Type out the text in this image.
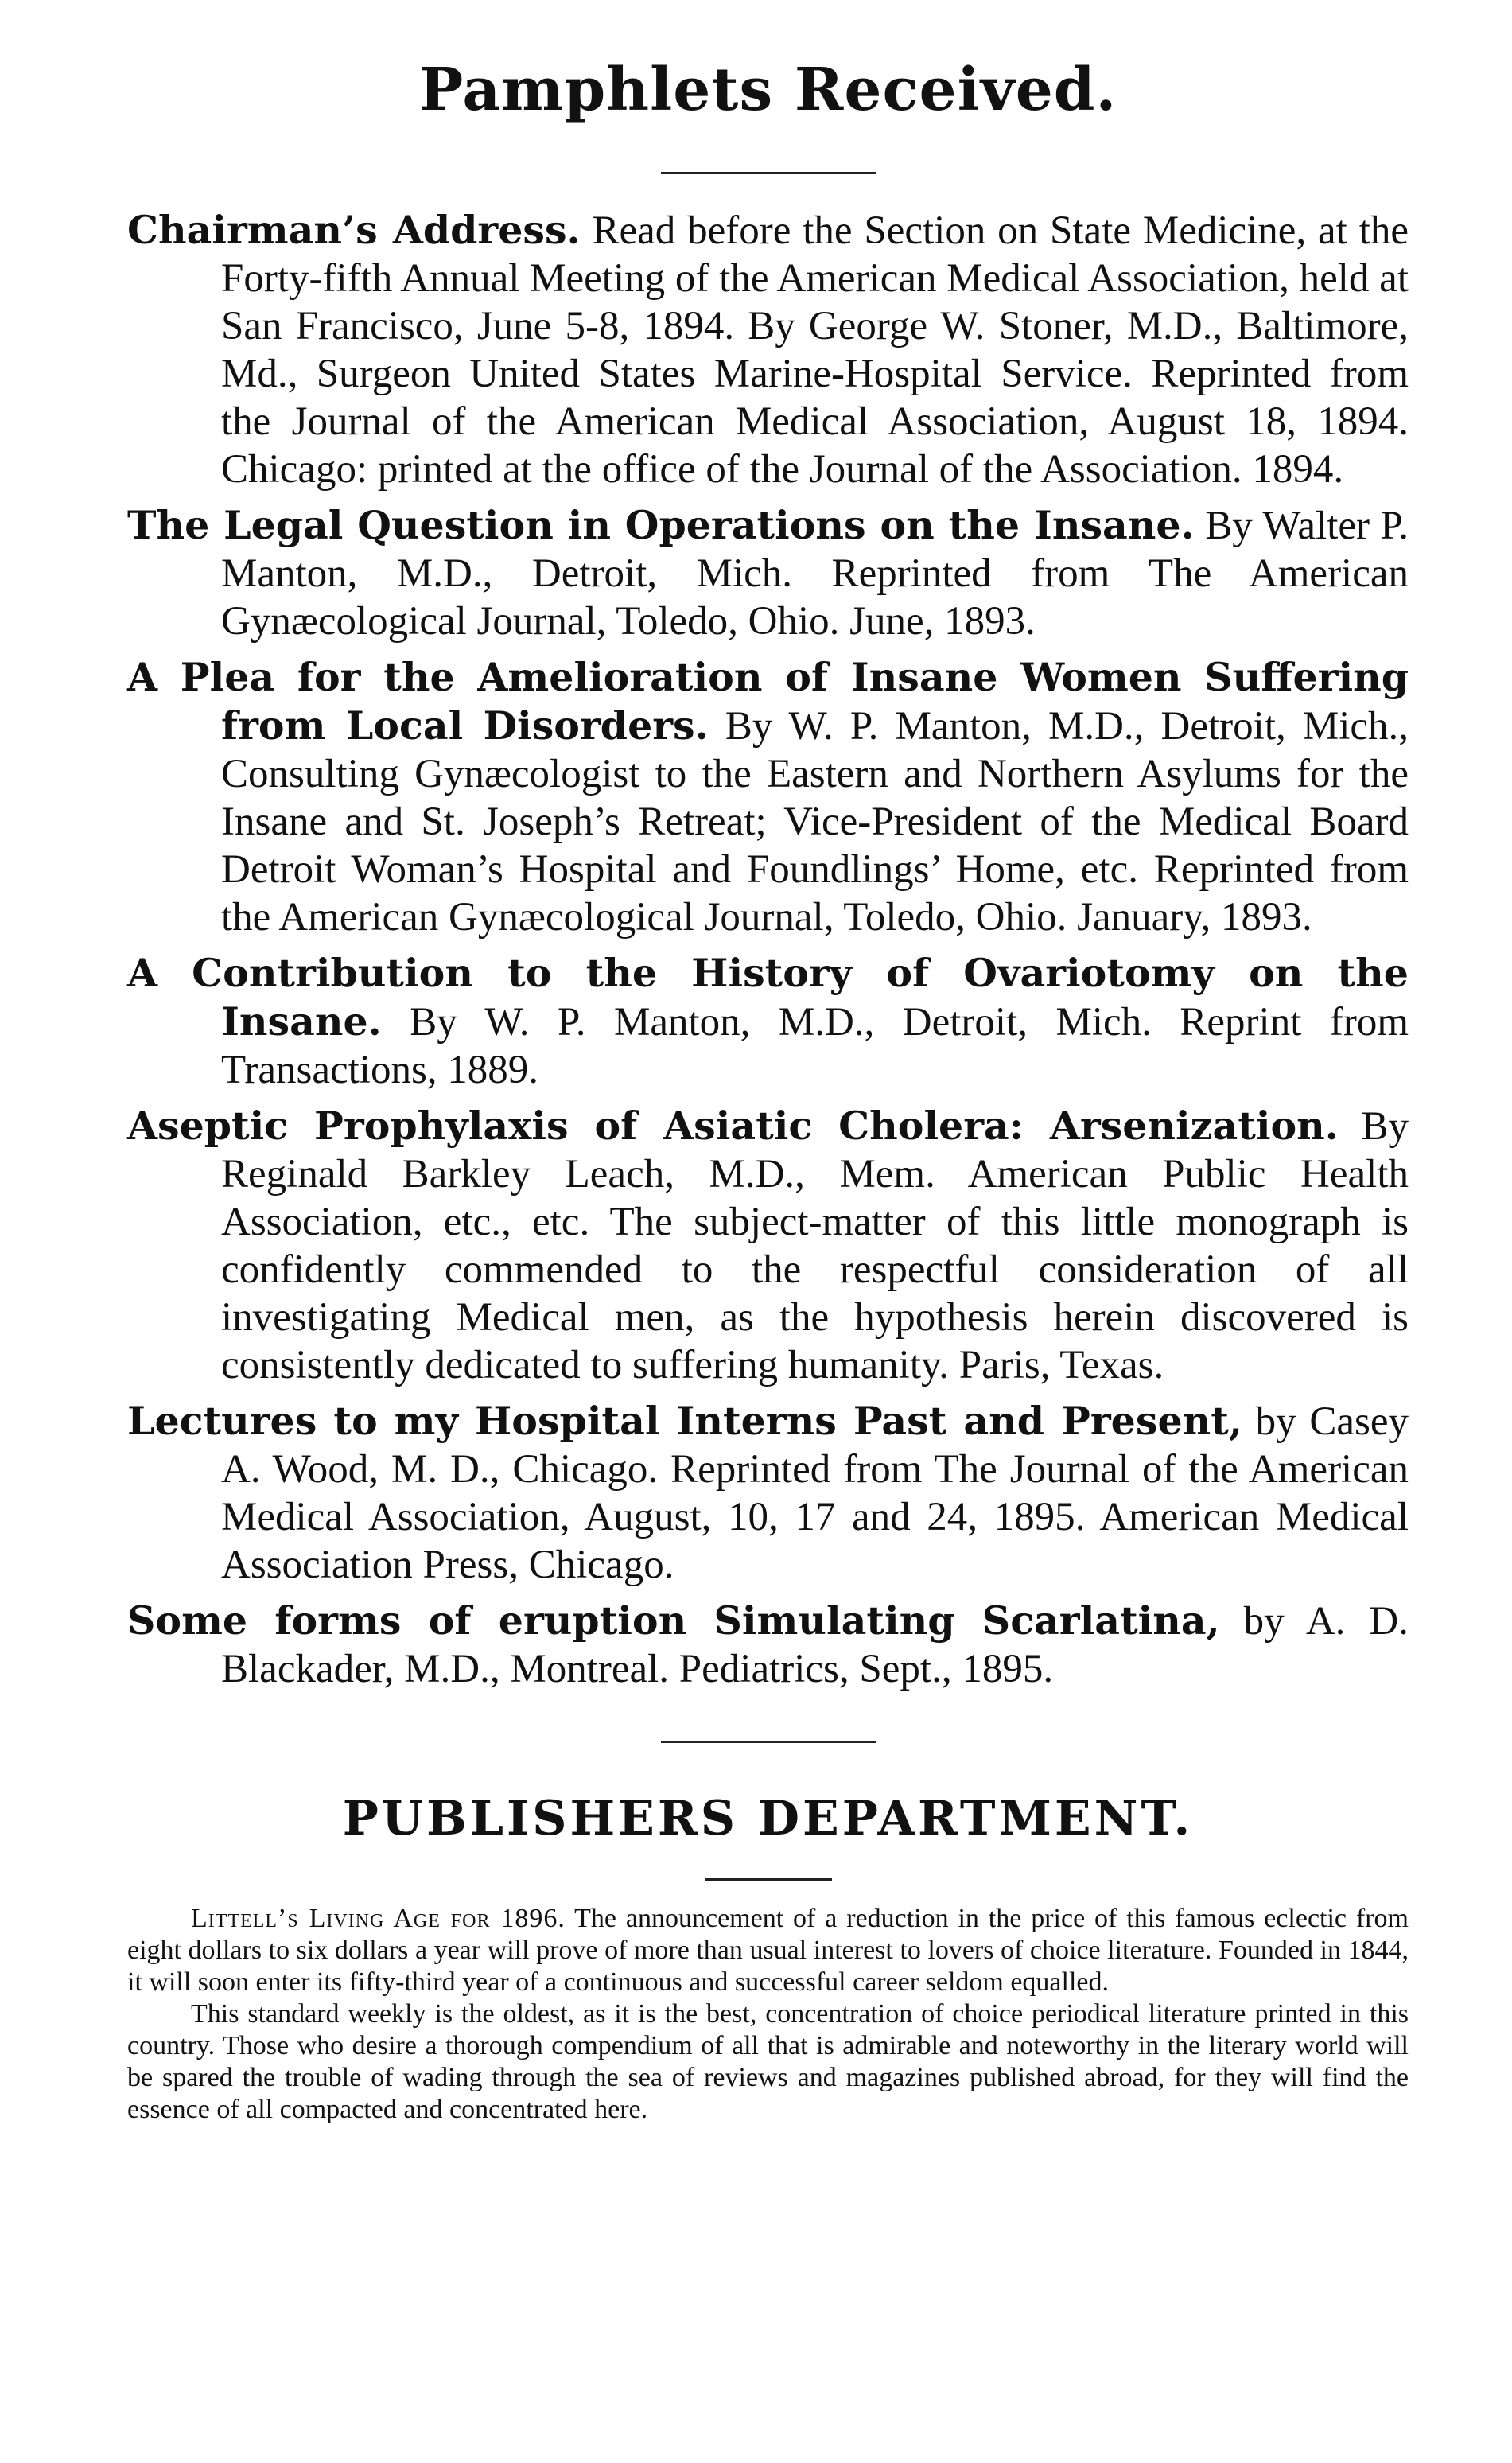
Pamphlets Received.

Chairman’s Address. Read before the Section on State Medicine, at the Forty-fifth Annual Meeting of the American Medical Association, held at San Francisco, June 5-8, 1894. By George W. Stoner, M.D., Baltimore, Md., Surgeon United States Marine-Hospital Service. Reprinted from the Journal of the American Medical Association, August 18, 1894. Chicago: printed at the office of the Journal of the Association. 1894.

The Legal Question in Operations on the Insane. By Walter P. Manton, M.D., Detroit, Mich. Reprinted from The American Gynæcological Journal, Toledo, Ohio. June, 1893.

A Plea for the Amelioration of Insane Women Suffering from Local Disorders. By W. P. Manton, M.D., Detroit, Mich., Consulting Gynæcologist to the Eastern and Northern Asylums for the Insane and St. Joseph’s Retreat; Vice-President of the Medical Board Detroit Woman’s Hospital and Foundlings’ Home, etc. Reprinted from the American Gynæcological Journal, Toledo, Ohio. January, 1893.

A Contribution to the History of Ovariotomy on the Insane. By W. P. Manton, M.D., Detroit, Mich. Reprint from Transactions, 1889.

Aseptic Prophylaxis of Asiatic Cholera: Arsenization. By Reginald Barkley Leach, M.D., Mem. American Public Health Association, etc., etc. The subject-matter of this little monograph is confidently commended to the respectful consideration of all investigating Medical men, as the hypothesis herein discovered is consistently dedicated to suffering humanity. Paris, Texas.

Lectures to my Hospital Interns Past and Present, by Casey A. Wood, M. D., Chicago. Reprinted from The Journal of the American Medical Association, August, 10, 17 and 24, 1895. American Medical Association Press, Chicago.

Some forms of eruption Simulating Scarlatina, by A. D. Blackader, M.D., Montreal. Pediatrics, Sept., 1895.

PUBLISHERS DEPARTMENT.

Littell’s Living Age for 1896. The announcement of a reduction in the price of this famous eclectic from eight dollars to six dollars a year will prove of more than usual interest to lovers of choice literature. Founded in 1844, it will soon enter its fifty-third year of a continuous and successful career seldom equalled.

This standard weekly is the oldest, as it is the best, concentration of choice periodical literature printed in this country. Those who desire a thorough compendium of all that is admirable and noteworthy in the literary world will be spared the trouble of wading through the sea of reviews and magazines published abroad, for they will find the essence of all compacted and concentrated here.
